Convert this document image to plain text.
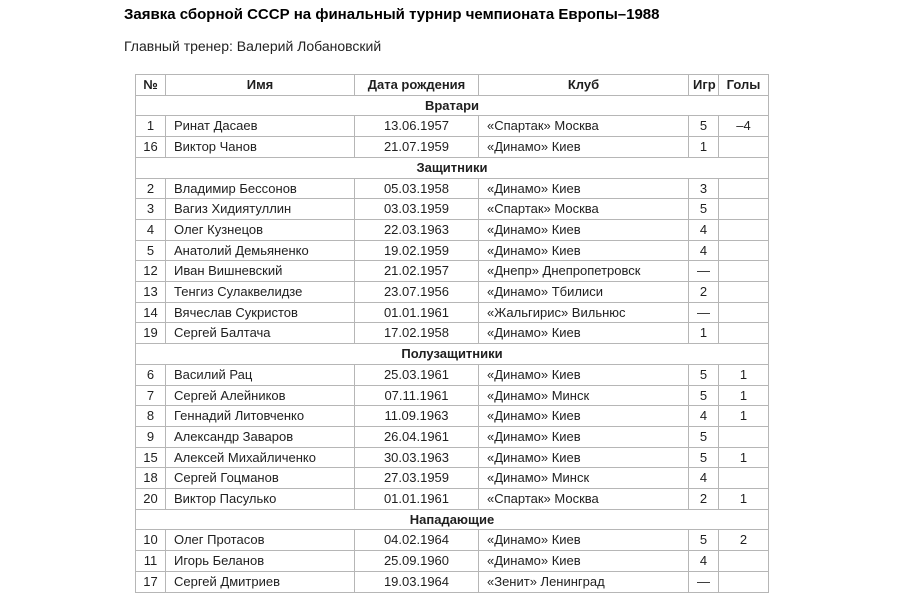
Заявка сборной СССР на финальный турнир чемпионата Европы–1988
Главный тренер: Валерий Лобановский
№	Имя	Дата рождения	Клуб	Игр	Голы
Вратари					
1	Ринат Дасаев	13.06.1957	«Спартак» Москва	5	–4
16	Виктор Чанов	21.07.1959	«Динамо» Киев	1	
Защитники					
2	Владимир Бессонов	05.03.1958	«Динамо» Киев	3	
3	Вагиз Хидиятуллин	03.03.1959	«Спартак» Москва	5	
4	Олег Кузнецов	22.03.1963	«Динамо» Киев	4	
5	Анатолий Демьяненко	19.02.1959	«Динамо» Киев	4	
12	Иван Вишневский	21.02.1957	«Днепр» Днепропетровск	—	
13	Тенгиз Сулаквелидзе	23.07.1956	«Динамо» Тбилиси	2	
14	Вячеслав Сукристов	01.01.1961	«Жальгирис» Вильнюс	—	
19	Сергей Балтача	17.02.1958	«Динамо» Киев	1	
Полузащитники					
6	Василий Рац	25.03.1961	«Динамо» Киев	5	1
7	Сергей Алейников	07.11.1961	«Динамо» Минск	5	1
8	Геннадий Литовченко	11.09.1963	«Динамо» Киев	4	1
9	Александр Заваров	26.04.1961	«Динамо» Киев	5	
15	Алексей Михайличенко	30.03.1963	«Динамо» Киев	5	1
18	Сергей Гоцманов	27.03.1959	«Динамо» Минск	4	
20	Виктор Пасулько	01.01.1961	«Спартак» Москва	2	1
Нападающие					
10	Олег Протасов	04.02.1964	«Динамо» Киев	5	2
11	Игорь Беланов	25.09.1960	«Динамо» Киев	4	
17	Сергей Дмитриев	19.03.1964	«Зенит» Ленинград	—	
